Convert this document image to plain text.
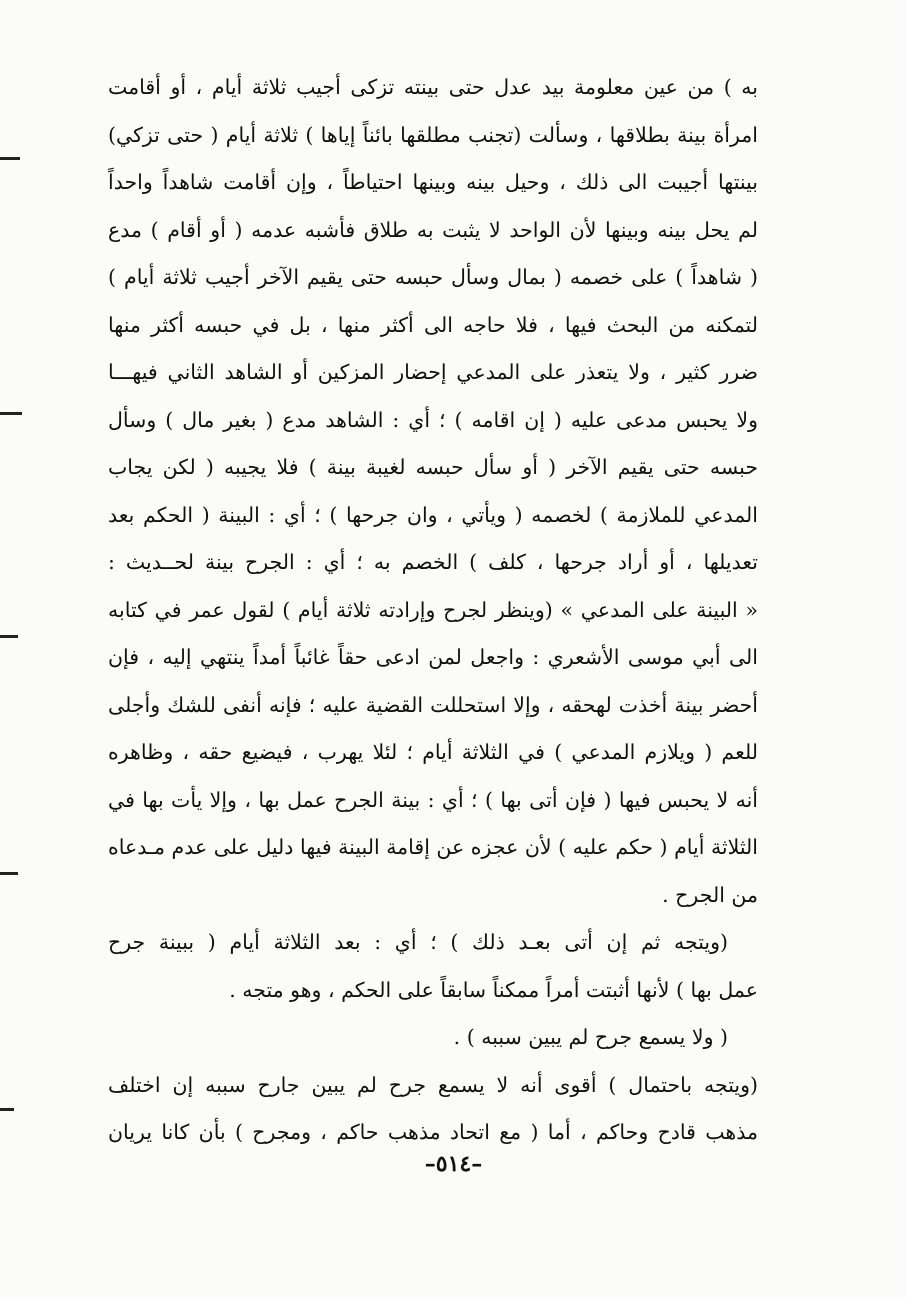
به ) من عين معلومة بيد عدل حتى بينته تزكى أجيب ثلاثة أيام ، أو أقامت
امرأة بينة بطلاقها ، وسألت (تجنب مطلقها بائناً إياها ) ثلاثة أيام ( حتى تزكي)
بينتها أجيبت الى ذلك ، وحيل بينه وبينها احتياطاً ، وإن أقامت شاهداً واحداً
لم يحل بينه وبينها لأن الواحد لا يثبت به طلاق فأشبه عدمه ( أو أقام ) مدع
( شاهداً ) على خصمه ( بمال وسأل حبسه حتى يقيم الآخر أجيب ثلاثة أيام )
لتمكنه من البحث فيها ، فلا حاجه الى أكثر منها ، بل في حبسه أكثر منها
ضرر كثير ، ولا يتعذر على المدعي إحضار المزكين أو الشاهد الثاني فيهـــا
ولا يحبس مدعى عليه ( إن اقامه ) ؛ أي : الشاهد مدع ( بغير مال ) وسأل
حبسه حتى يقيم الآخر ( أو سأل حبسه لغيبة بينة ) فلا يجيبه ( لكن يجاب
المدعي للملازمة ) لخصمه ( ويأتي ، وان جرحها ) ؛ أي : البينة ( الحكم بعد
تعديلها ، أو أراد جرحها ، كلف ) الخصم به ؛ أي : الجرح بينة لحــديث :
« البينة على المدعي » (وينظر لجرح وإرادته ثلاثة أيام ) لقول عمر في كتابه
الى أبي موسى الأشعري : واجعل لمن ادعى حقاً غائباً أمداً ينتهي إليه ، فإن
أحضر بينة أخذت لهحقه ، وإلا استحللت القضية عليه ؛ فإنه أنفى للشك وأجلى
للعم ( ويلازم المدعي ) في الثلاثة أيام ؛ لئلا يهرب ، فيضيع حقه ، وظاهره
أنه لا يحبس فيها ( فإن أتى بها ) ؛ أي : بينة الجرح عمل بها ، وإلا يأت بها في
الثلاثة أيام ( حكم عليه ) لأن عجزه عن إقامة البينة فيها دليل على عدم مـدعاه
من الجرح .
(ويتجه ثم إن أتى بعـد ذلك ) ؛ أي : بعد الثلاثة أيام ( ببينة جرح
عمل بها ) لأنها أثبتت أمراً ممكناً سابقاً على الحكم ، وهو متجه .
( ولا يسمع جرح لم يبين سببه ) .
(ويتجه باحتمال ) أقوى أنه لا يسمع جرح لم يبين جارح سببه إن اختلف
مذهب قادح وحاكم ، أما ( مع اتحاد مذهب حاكم ، ومجرح ) بأن كانا يريان
–٥١٤–
